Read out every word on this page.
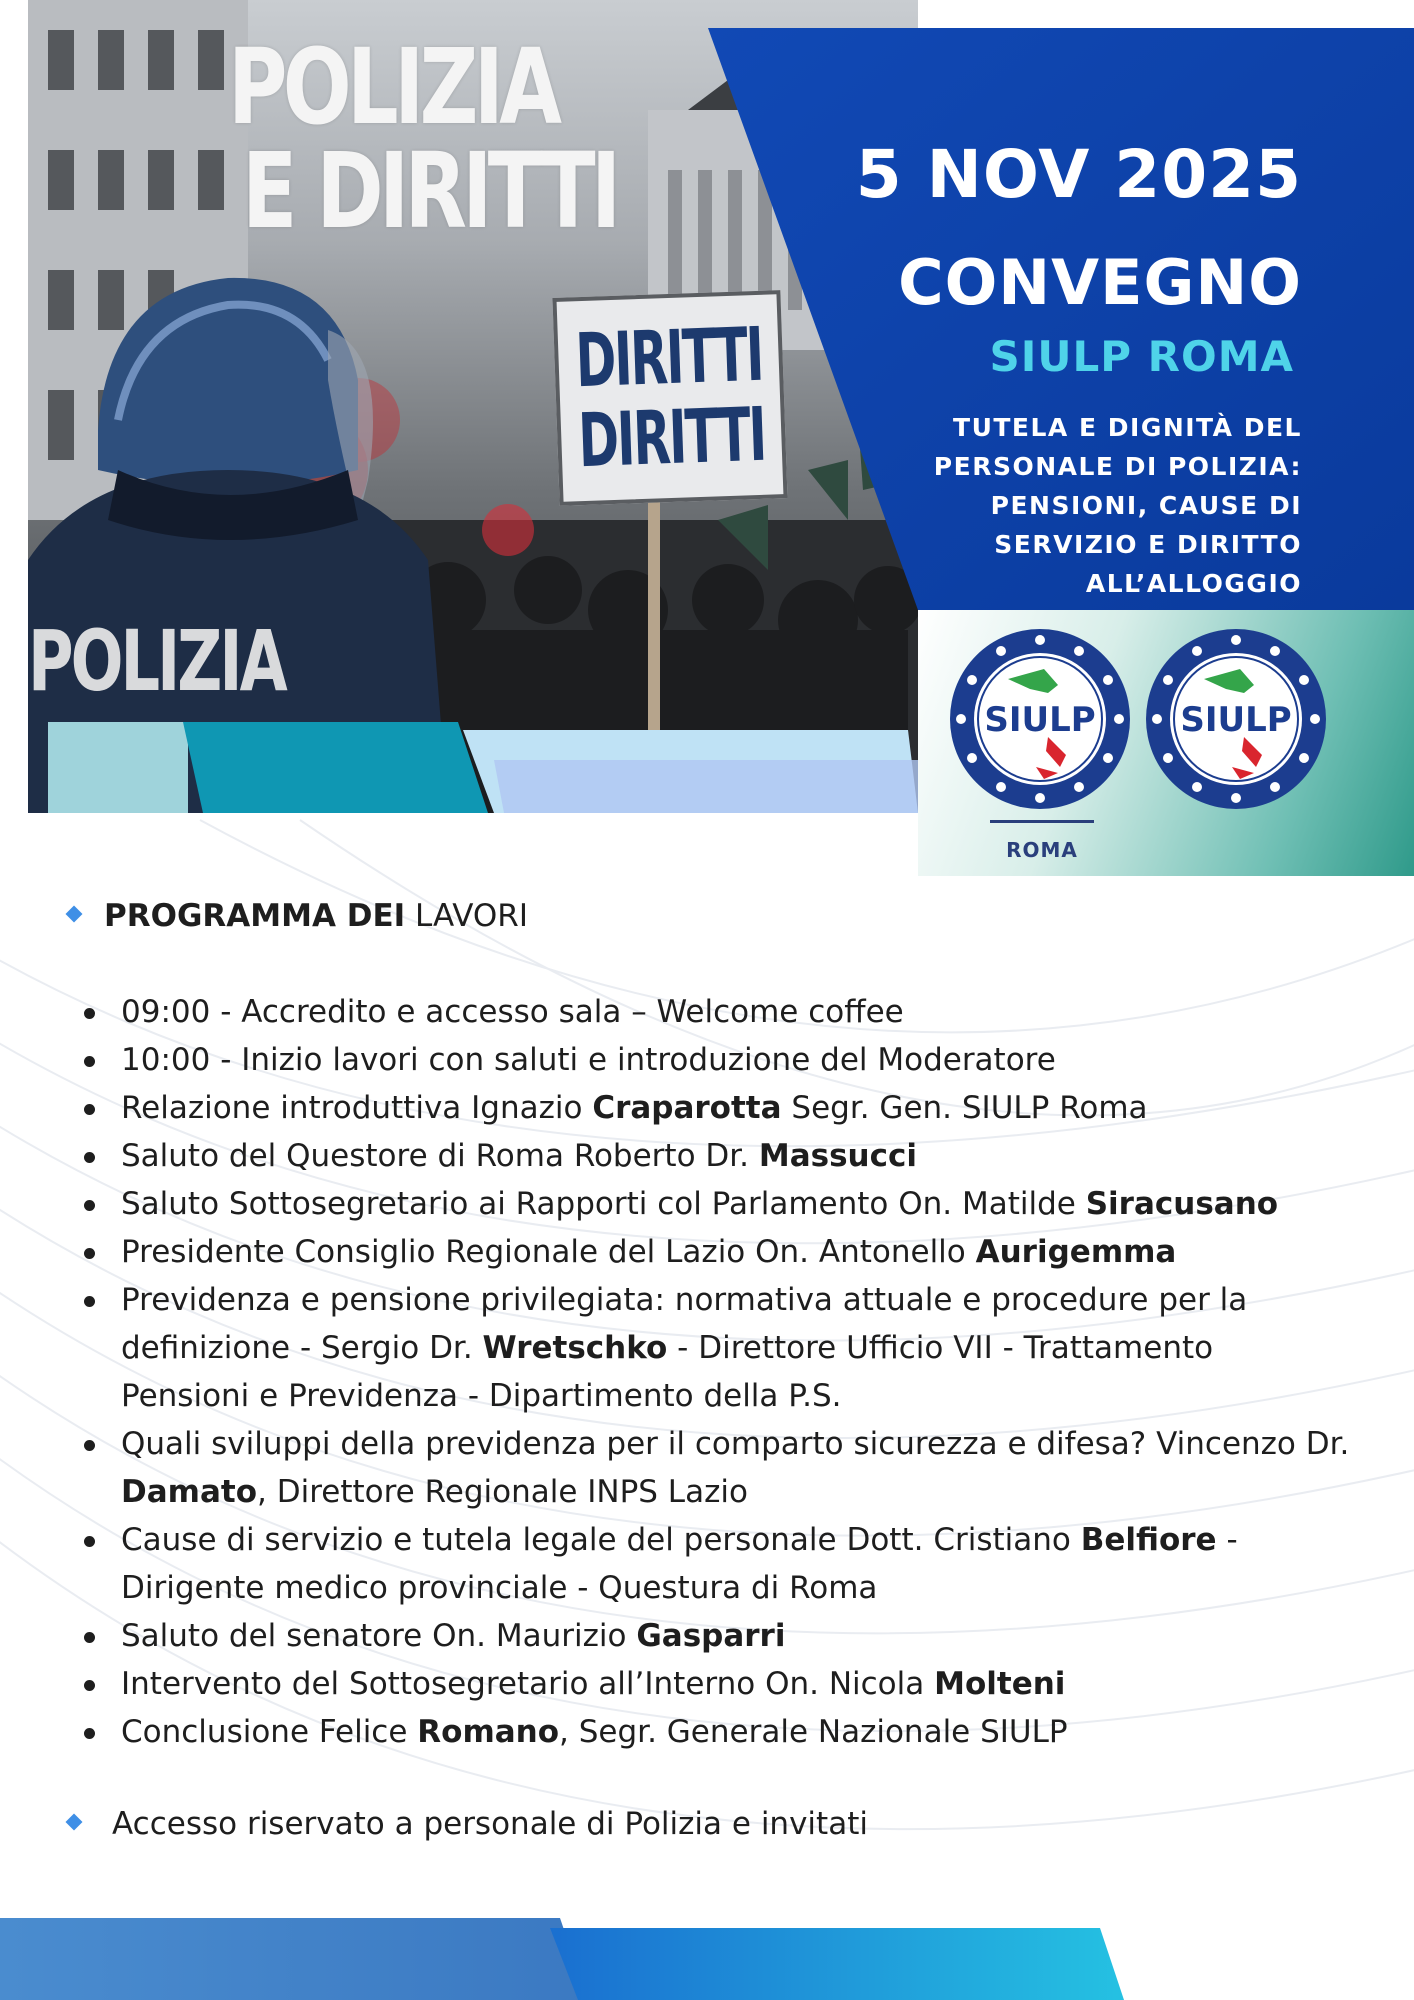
POLIZIA
E DIRITTI
DIRITTI
DIRITTI
POLIZIA
5 NOV 2025
CONVEGNO
SIULP ROMA
TUTELA E DIGNITÀ DEL
PERSONALE DI POLIZIA:
PENSIONI, CAUSE DI
SERVIZIO E DIRITTO
ALL’ALLOGGIO
SIULP SIULP
ROMA
PROGRAMMA DEI LAVORI
09:00 - Accredito e accesso sala – Welcome coffee
10:00 - Inizio lavori con saluti e introduzione del Moderatore
Relazione introduttiva Ignazio Craparotta Segr. Gen. SIULP Roma
Saluto del Questore di Roma Roberto Dr. Massucci
Saluto Sottosegretario ai Rapporti col Parlamento On. Matilde Siracusano
Presidente Consiglio Regionale del Lazio On. Antonello Aurigemma
Previdenza e pensione privilegiata: normativa attuale e procedure per la definizione - Sergio Dr. Wretschko - Direttore Ufficio VII - Trattamento Pensioni e Previdenza - Dipartimento della P.S.
Quali sviluppi della previdenza per il comparto sicurezza e difesa? Vincenzo Dr. Damato, Direttore Regionale INPS Lazio
Cause di servizio e tutela legale del personale Dott. Cristiano Belfiore - Dirigente medico provinciale - Questura di Roma
Saluto del senatore On. Maurizio Gasparri
Intervento del Sottosegretario all’Interno On. Nicola Molteni
Conclusione Felice Romano, Segr. Generale Nazionale SIULP
Accesso riservato a personale di Polizia e invitati
